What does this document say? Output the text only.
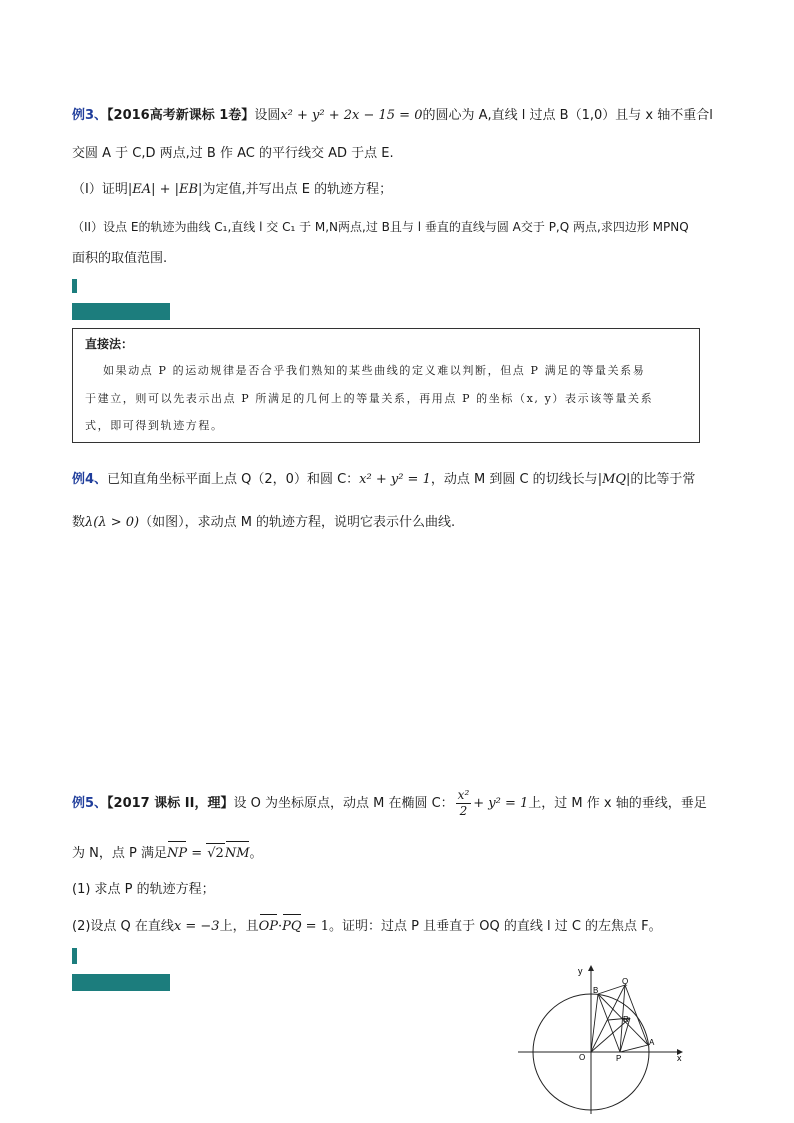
例3、【2016高考新课标 1卷】设圆x² + y² + 2x − 15 = 0的圆心为 A,直线 l 过点 B（1,0）且与 x 轴不重合l
交圆 A 于 C,D 两点,过 B 作 AC 的平行线交 AD 于点 E.
（I）证明|EA| + |EB|为定值,并写出点 E 的轨迹方程；
（II）设点 E的轨迹为曲线 C₁,直线 l 交 C₁ 于 M,N两点,过 B且与 l 垂直的直线与圆 A交于 P,Q 两点,求四边形 MPNQ
面积的取值范围.
直接法：
如果动点 P 的运动规律是否合乎我们熟知的某些曲线的定义难以判断，但点 P 满足的等量关系易
于建立，则可以先表示出点 P 所满足的几何上的等量关系，再用点 P 的坐标（x, y）表示该等量关系
式，即可得到轨迹方程。
例4、已知直角坐标平面上点 Q（2，0）和圆 C：x² + y² = 1，动点 M 到圆 C 的切线长与|MQ|的比等于常
数λ(λ > 0)（如图），求动点 M 的轨迹方程，说明它表示什么曲线.
例5、【2017 课标 II，理】设 O 为坐标原点，动点 M 在椭圆 C： $\frac{\text{x²}}{2} + y^2 = 1$上，过 M 作 x 轴的垂线，垂足
为 N，点 P 满足NP = √2NM。
(1) 求点 P 的轨迹方程；
(2)设点 Q 在直线x = −3上，且OP·PQ = 1。证明：过点 P 且垂直于 OQ 的直线 l 过 C 的左焦点 F。
y
x
O
B
Q
R
A
P
